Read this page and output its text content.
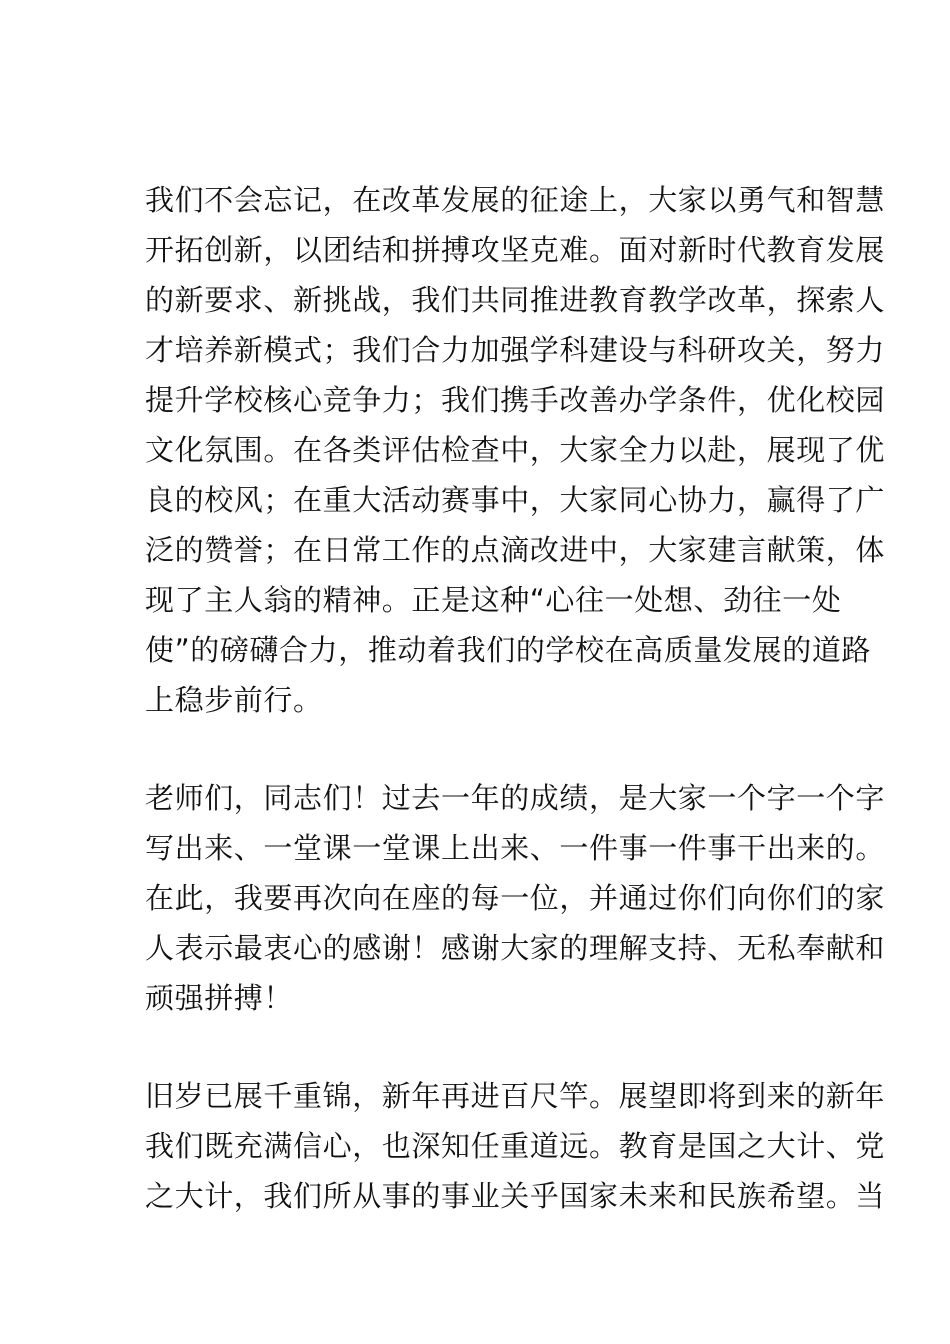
我们不会忘记，在改革发展的征途上，大家以勇气和智慧
开拓创新，以团结和拼搏攻坚克难。面对新时代教育发展
的新要求、新挑战，我们共同推进教育教学改革，探索人
才培养新模式；我们合力加强学科建设与科研攻关，努力
提升学校核心竞争力；我们携手改善办学条件，优化校园
文化氛围。在各类评估检查中，大家全力以赴，展现了优
良的校风；在重大活动赛事中，大家同心协力，赢得了广
泛的赞誉；在日常工作的点滴改进中，大家建言献策，体
现了主人翁的精神。正是这种“心往一处想、劲往一处
使”的磅礴合力，推动着我们的学校在高质量发展的道路
上稳步前行。
老师们，同志们！过去一年的成绩，是大家一个字一个字
写出来、一堂课一堂课上出来、一件事一件事干出来的。
在此，我要再次向在座的每一位，并通过你们向你们的家
人表示最衷心的感谢！感谢大家的理解支持、无私奉献和
顽强拼搏！
旧岁已展千重锦，新年再进百尺竿。展望即将到来的新年
我们既充满信心，也深知任重道远。教育是国之大计、党
之大计，我们所从事的事业关乎国家未来和民族希望。当
